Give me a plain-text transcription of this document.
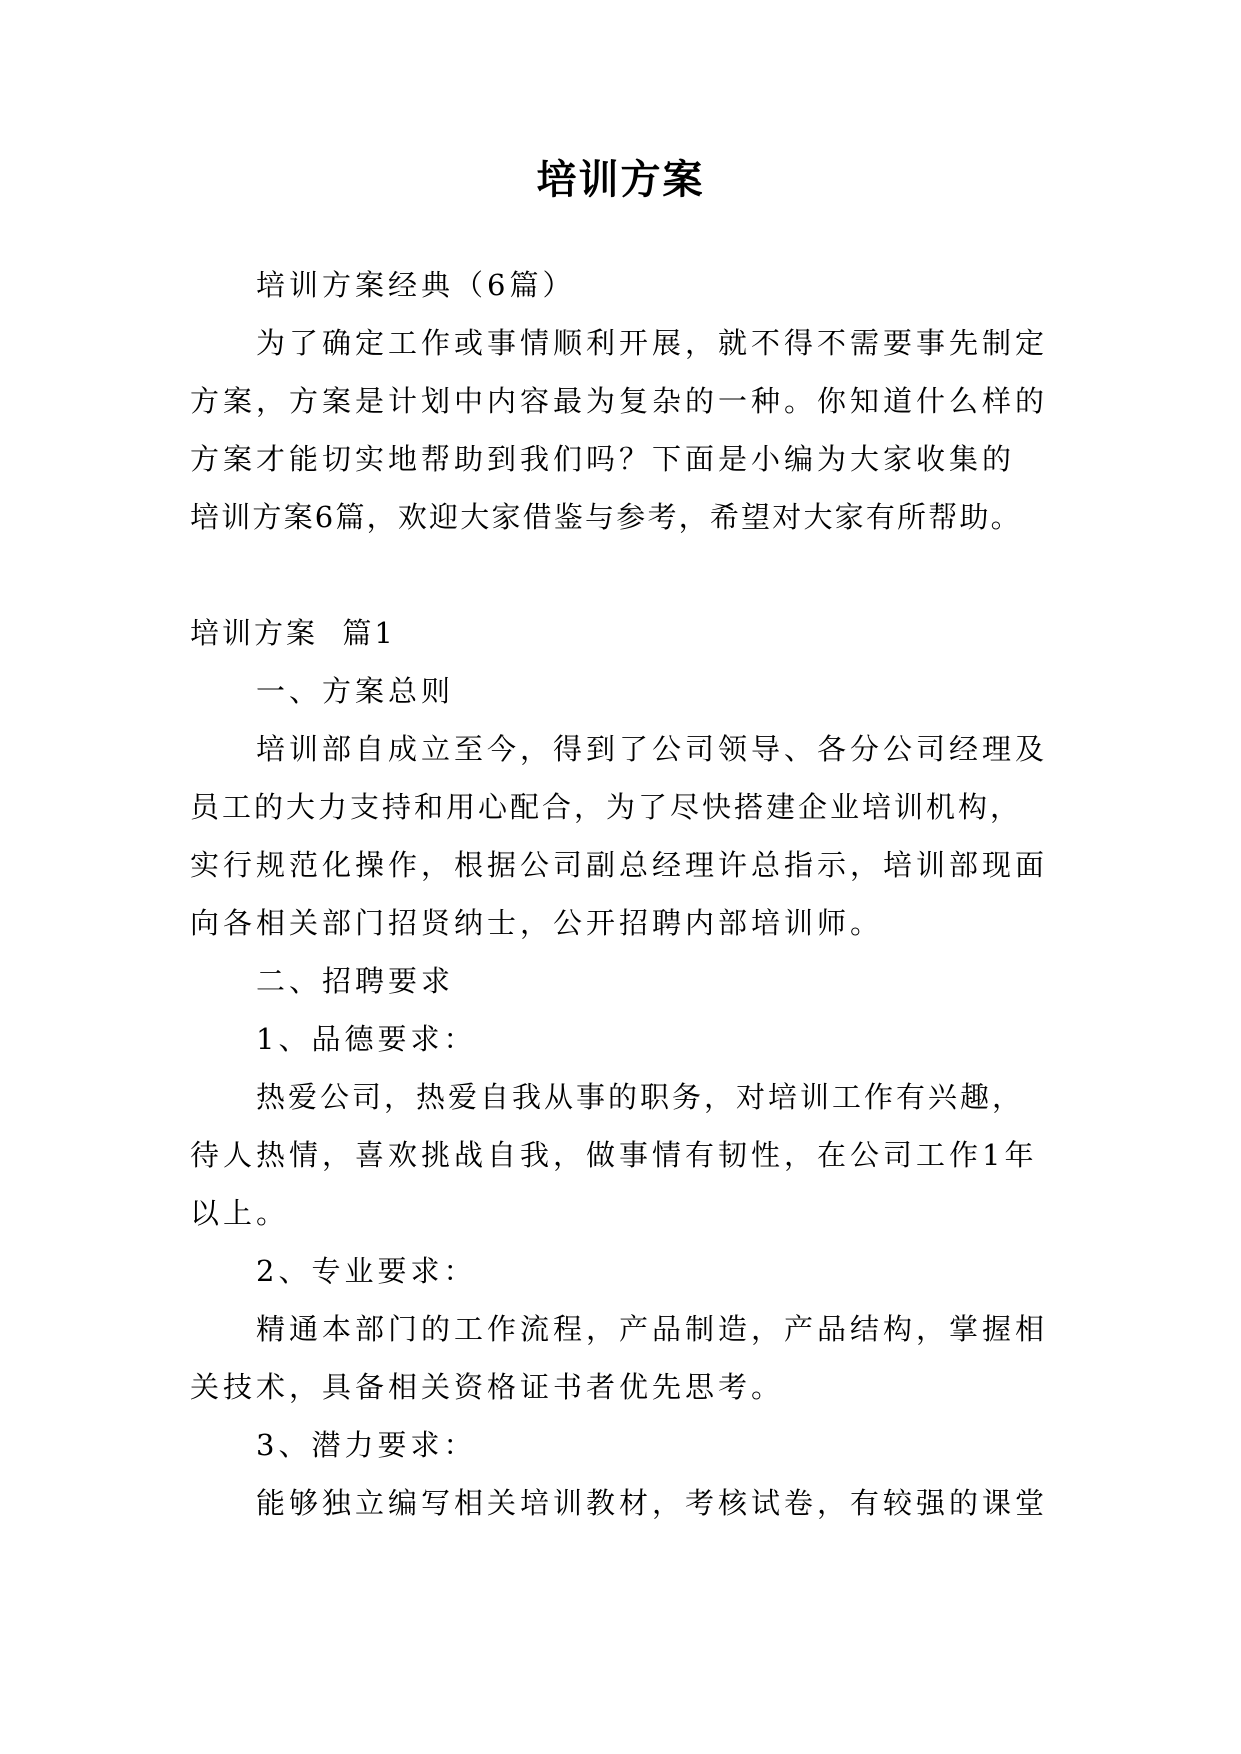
培训方案
培训方案经典（6篇）
为了确定工作或事情顺利开展，就不得不需要事先制定
方案，方案是计划中内容最为复杂的一种。你知道什么样的
方案才能切实地帮助到我们吗？下面是小编为大家收集的
培训方案6篇，欢迎大家借鉴与参考，希望对大家有所帮助。
培训方案  篇1
一、方案总则
培训部自成立至今，得到了公司领导、各分公司经理及
员工的大力支持和用心配合，为了尽快搭建企业培训机构，
实行规范化操作，根据公司副总经理许总指示，培训部现面
向各相关部门招贤纳士，公开招聘内部培训师。
二、招聘要求
1、品德要求：
热爱公司，热爱自我从事的职务，对培训工作有兴趣，
待人热情，喜欢挑战自我，做事情有韧性，在公司工作1年
以上。
2、专业要求：
精通本部门的工作流程，产品制造，产品结构，掌握相
关技术，具备相关资格证书者优先思考。
3、潜力要求：
能够独立编写相关培训教材，考核试卷，有较强的课堂
